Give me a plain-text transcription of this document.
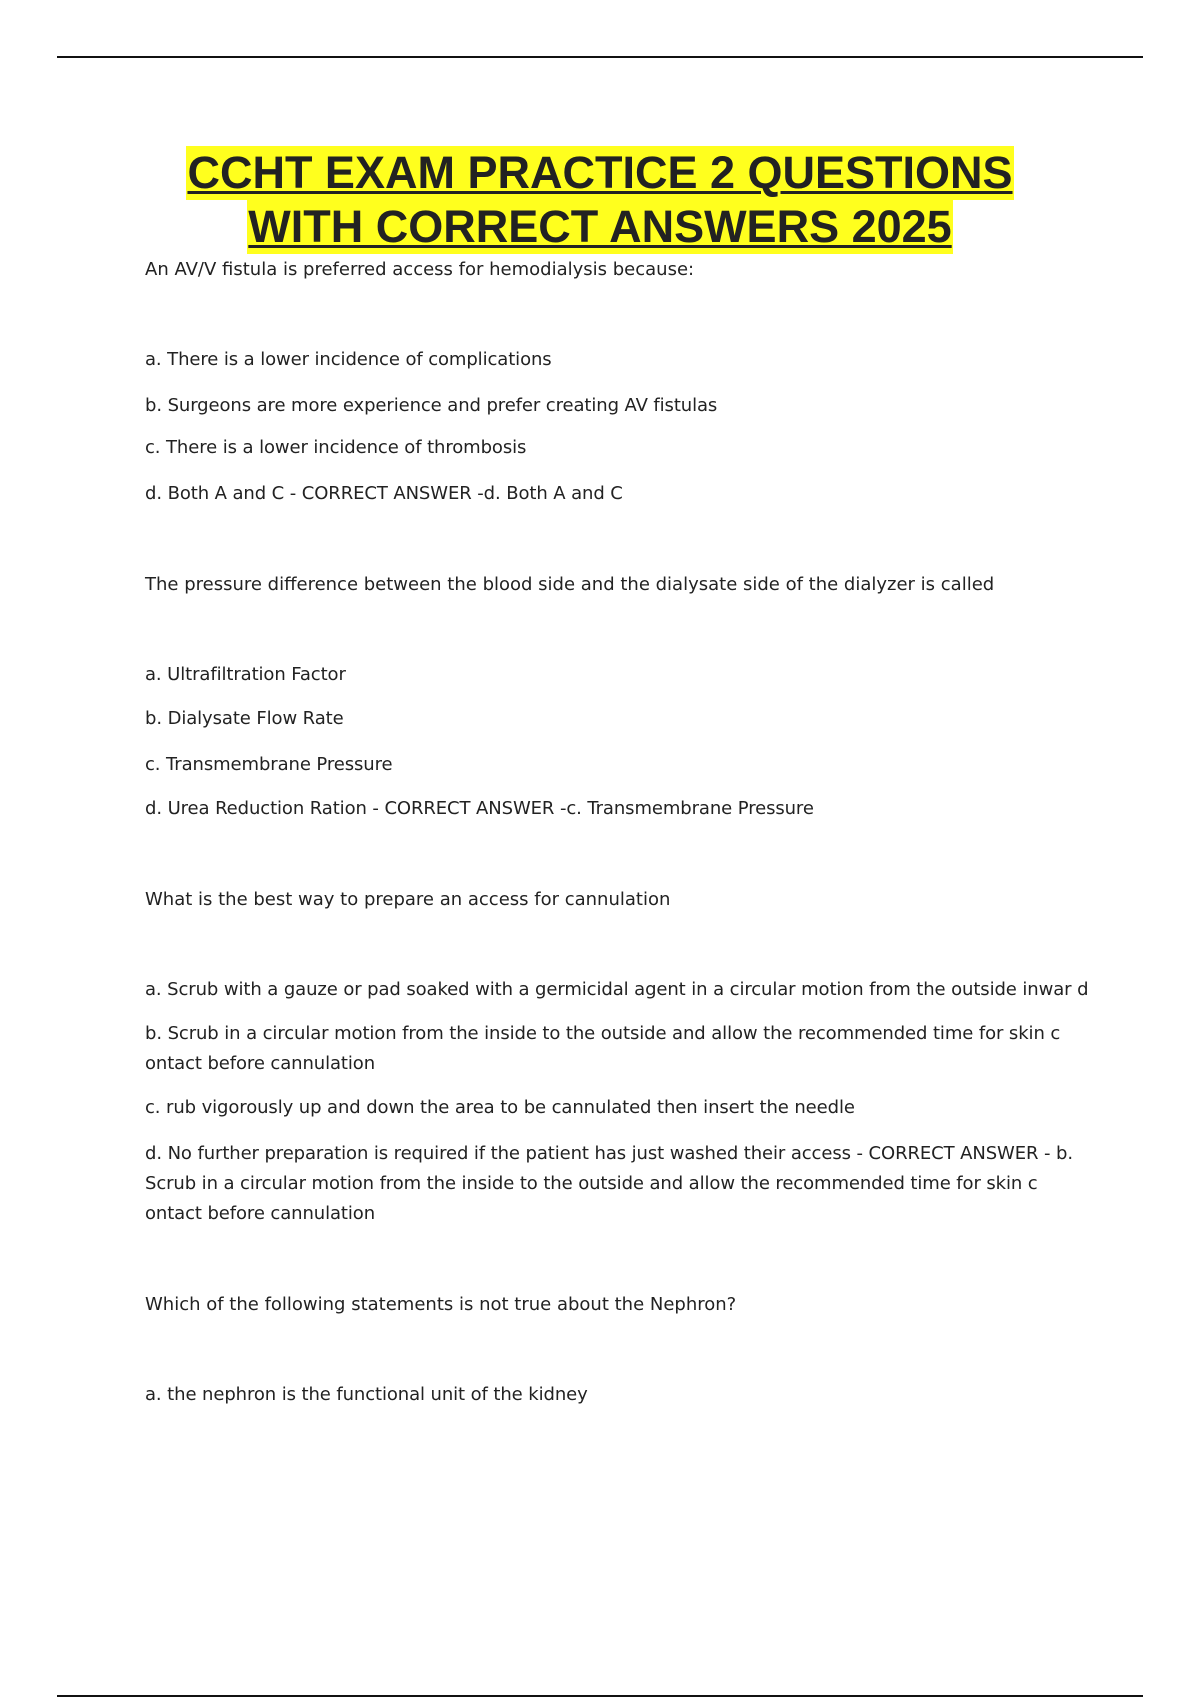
CCHT EXAM PRACTICE 2 QUESTIONS
WITH CORRECT ANSWERS 2025
An AV/V fistula is preferred access for hemodialysis because:
a. There is a lower incidence of complications
b. Surgeons are more experience and prefer creating AV fistulas
c. There is a lower incidence of thrombosis
d. Both A and C - CORRECT ANSWER -d. Both A and C
The pressure difference between the blood side and the dialysate side of the dialyzer is called
a. Ultrafiltration Factor
b. Dialysate Flow Rate
c. Transmembrane Pressure
d. Urea Reduction Ration - CORRECT ANSWER -c. Transmembrane Pressure
What is the best way to prepare an access for cannulation
a. Scrub with a gauze or pad soaked with a germicidal agent in a circular motion from the outside inwar d
b. Scrub in a circular motion from the inside to the outside and allow the recommended time for skin c ontact before cannulation
c. rub vigorously up and down the area to be cannulated then insert the needle
d. No further preparation is required if the patient has just washed their access - CORRECT ANSWER - b. Scrub in a circular motion from the inside to the outside and allow the recommended time for skin c ontact before cannulation
Which of the following statements is not true about the Nephron?
a. the nephron is the functional unit of the kidney
